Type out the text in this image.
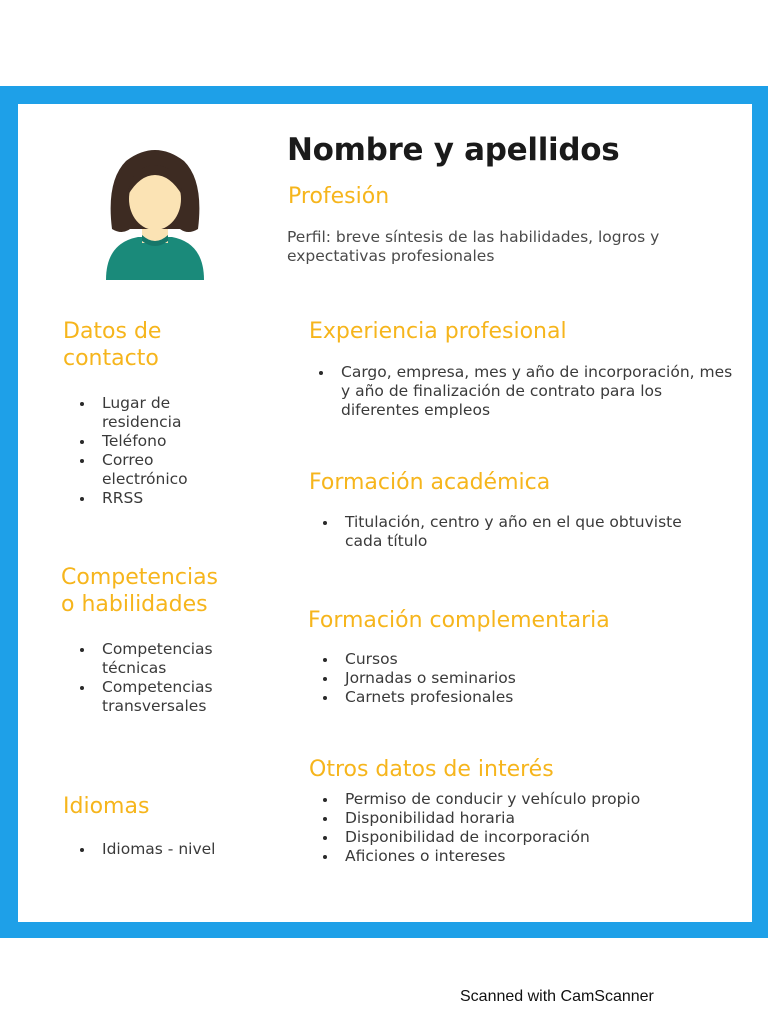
Nombre y apellidos
Profesión

Perfil: breve síntesis de las habilidades, logros y expectativas profesionales

Datos de
contacto
Lugar de residencia
Teléfono
Correo electrónico
RRSS
Competencias
o habilidades
Competencias técnicas
Competencias transversales
Idiomas
Idiomas - nivel
Experiencia profesional
Cargo, empresa, mes y año de incorporación, mes y año de finalización de contrato para los diferentes empleos
Formación académica
Titulación, centro y año en el que obtuviste cada título
Formación complementaria
Cursos
Jornadas o seminarios
Carnets profesionales
Otros datos de interés
Permiso de conducir y vehículo propio
Disponibilidad horaria
Disponibilidad de incorporación
Aficiones o intereses
Scanned with CamScanner
